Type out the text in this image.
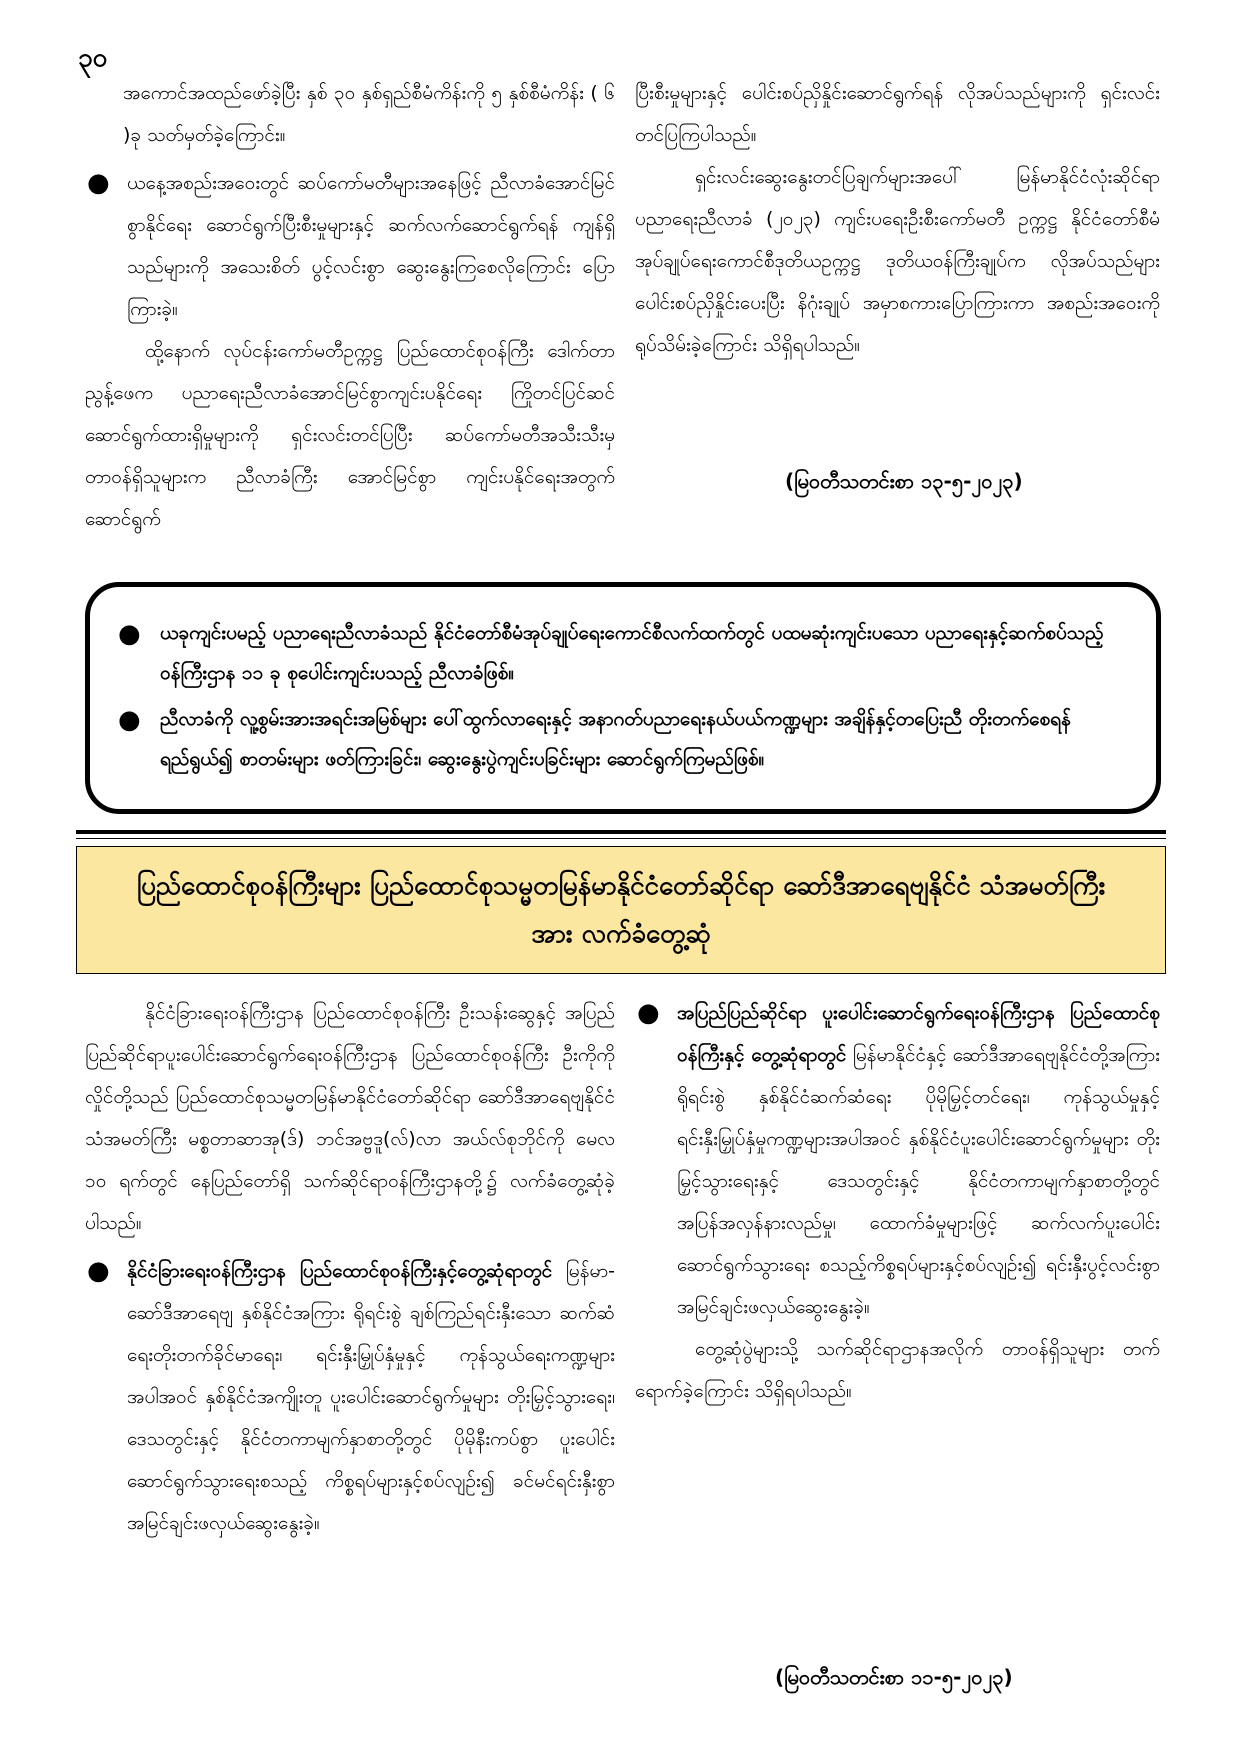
၃၀

အကောင်အထည်ဖော်ခဲ့ပြီး နှစ် ၃၀ နှစ်ရှည်စီမံကိန်းကို ၅ နှစ်စီမံကိန်း ( ၆ )ခု သတ်မှတ်ခဲ့ကြောင်း။

● ယနေ့အစည်းအဝေးတွင် ဆပ်ကော်မတီများအနေဖြင့် ညီလာခံအောင်မြင်စွာနိုင်ရေး ဆောင်ရွက်ပြီးစီးမှုများနှင့် ဆက်လက်ဆောင်ရွက်ရန် ကျန်ရှိသည်များကို အသေးစိတ် ပွင့်လင်းစွာ ဆွေးနွေးကြစေလိုကြောင်း ပြောကြားခဲ့။

ထို့နောက် လုပ်ငန်းကော်မတီဥက္ကဋ္ဌ ပြည်ထောင်စုဝန်ကြီး ဒေါက်တာညွန့်ဖေက ပညာရေးညီလာခံအောင်မြင်စွာကျင်းပနိုင်ရေး ကြိုတင်ပြင်ဆင်ဆောင်ရွက်ထားရှိမှုများကို ရှင်းလင်းတင်ပြပြီး ဆပ်ကော်မတီအသီးသီးမှ တာဝန်ရှိသူများက ညီလာခံကြီး အောင်မြင်စွာ ကျင်းပနိုင်ရေးအတွက် ဆောင်ရွက်

ပြီးစီးမှုများနှင့် ပေါင်းစပ်ညှိနှိုင်းဆောင်ရွက်ရန် လိုအပ်သည်များကို ရှင်းလင်းတင်ပြကြပါသည်။

ရှင်းလင်းဆွေးနွေးတင်ပြချက်များအပေါ် မြန်မာနိုင်ငံလုံးဆိုင်ရာပညာရေးညီလာခံ (၂၀၂၃) ကျင်းပရေးဦးစီးကော်မတီ ဥက္ကဋ္ဌ နိုင်ငံတော်စီမံအုပ်ချုပ်ရေးကောင်စီဒုတိယဥက္ကဋ္ဌ ဒုတိယဝန်ကြီးချုပ်က လိုအပ်သည်များပေါင်းစပ်ညှိနှိုင်းပေးပြီး နိဂုံးချုပ် အမှာစကားပြောကြားကာ အစည်းအဝေးကို ရုပ်သိမ်းခဲ့ကြောင်း သိရှိရပါသည်။

(မြဝတီသတင်းစာ ၁၃-၅-၂၀၂၃)
● ယခုကျင်းပမည့် ပညာရေးညီလာခံသည် နိုင်ငံတော်စီမံအုပ်ချုပ်ရေးကောင်စီလက်ထက်တွင် ပထမဆုံးကျင်းပသော ပညာရေးနှင့်ဆက်စပ်သည့် ဝန်ကြီးဌာန ၁၁ ခု စုပေါင်းကျင်းပသည့် ညီလာခံဖြစ်။
● ညီလာခံကို လူ့စွမ်းအားအရင်းအမြစ်များ ပေါ်ထွက်လာရေးနှင့် အနာဂတ်ပညာရေးနယ်ပယ်ကဏ္ဍများ အချိန်နှင့်တပြေးညီ တိုးတက်စေရန်ရည်ရွယ်၍ စာတမ်းများ ဖတ်ကြားခြင်း၊ ဆွေးနွေးပွဲကျင်းပခြင်းများ ဆောင်ရွက်ကြမည်ဖြစ်။
ပြည်ထောင်စုဝန်ကြီးများ ပြည်ထောင်စုသမ္မတမြန်မာနိုင်ငံတော်ဆိုင်ရာ ဆော်ဒီအာရေဗျနိုင်ငံ သံအမတ်ကြီးအား လက်ခံတွေ့ဆုံ

နိုင်ငံခြားရေးဝန်ကြီးဌာန ပြည်ထောင်စုဝန်ကြီး ဦးသန်းဆွေနှင့် အပြည်ပြည်ဆိုင်ရာပူးပေါင်းဆောင်ရွက်ရေးဝန်ကြီးဌာန ပြည်ထောင်စုဝန်ကြီး ဦးကိုကိုလှိုင်တို့သည် ပြည်ထောင်စုသမ္မတမြန်မာနိုင်ငံတော်ဆိုင်ရာ ဆော်ဒီအာရေဗျနိုင်ငံ သံအမတ်ကြီး မစ္စတာဆာအု(ဒ်) ဘင်အဗ္ဗဒူ(လ်)လာ အယ်လ်စုဘိုင်ကို မေလ ၁၀ ရက်တွင် နေပြည်တော်ရှိ သက်ဆိုင်ရာဝန်ကြီးဌာနတို့၌ လက်ခံတွေ့ဆုံခဲ့ပါသည်။

● နိုင်ငံခြားရေးဝန်ကြီးဌာန ပြည်ထောင်စုဝန်ကြီးနှင့်တွေ့ဆုံရာတွင် မြန်မာ-ဆော်ဒီအာရေဗျ နှစ်နိုင်ငံအကြား ရိုရင်းစွဲ ချစ်ကြည်ရင်းနှီးသော ဆက်ဆံရေးတိုးတက်ခိုင်မာရေး၊ ရင်းနှီးမြှုပ်နှံမှုနှင့် ကုန်သွယ်ရေးကဏ္ဍများအပါအဝင် နှစ်နိုင်ငံအကျိုးတူ ပူးပေါင်းဆောင်ရွက်မှုများ တိုးမြှင့်သွားရေး၊ ဒေသတွင်းနှင့် နိုင်ငံတကာမျက်နှာစာတို့တွင် ပိုမိုနီးကပ်စွာ ပူးပေါင်းဆောင်ရွက်သွားရေးစသည့် ကိစ္စရပ်များနှင့်စပ်လျဉ်း၍ ခင်မင်ရင်းနှီးစွာ အမြင်ချင်းဖလှယ်ဆွေးနွေးခဲ့။
● အပြည်ပြည်ဆိုင်ရာ ပူးပေါင်းဆောင်ရွက်ရေးဝန်ကြီးဌာန ပြည်ထောင်စုဝန်ကြီးနှင့် တွေ့ဆုံရာတွင် မြန်မာနိုင်ငံနှင့် ဆော်ဒီအာရေဗျနိုင်ငံတို့အကြား ရိုရင်းစွဲ နှစ်နိုင်ငံဆက်ဆံရေး ပိုမိုမြှင့်တင်ရေး၊ ကုန်သွယ်မှုနှင့် ရင်းနှီးမြှုပ်နှံမှုကဏ္ဍများအပါအဝင် နှစ်နိုင်ငံပူးပေါင်းဆောင်ရွက်မှုများ တိုးမြှင့်သွားရေးနှင့် ဒေသတွင်းနှင့် နိုင်ငံတကာမျက်နှာစာတို့တွင် အပြန်အလှန်နားလည်မှု၊ ထောက်ခံမှုများဖြင့် ဆက်လက်ပူးပေါင်းဆောင်ရွက်သွားရေး စသည့်ကိစ္စရပ်များနှင့်စပ်လျဉ်း၍ ရင်းနှီးပွင့်လင်းစွာ အမြင်ချင်းဖလှယ်ဆွေးနွေးခဲ့။

တွေ့ဆုံပွဲများသို့ သက်ဆိုင်ရာဌာနအလိုက် တာဝန်ရှိသူများ တက်ရောက်ခဲ့ကြောင်း သိရှိရပါသည်။

(မြဝတီသတင်းစာ ၁၁-၅-၂၀၂၃)
